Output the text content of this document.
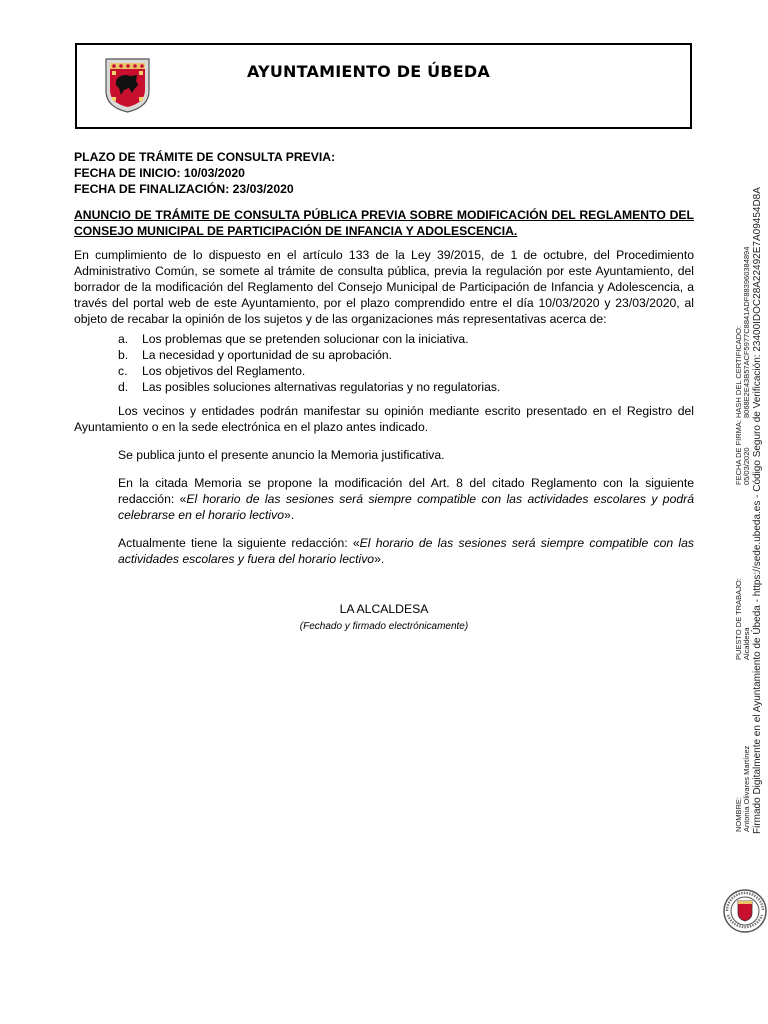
AYUNTAMIENTO DE ÚBEDA

PLAZO DE TRÁMITE DE CONSULTA PREVIA:

FECHA DE INICIO: 10/03/2020

FECHA DE FINALIZACIÓN: 23/03/2020

ANUNCIO DE TRÁMITE DE CONSULTA PÚBLICA PREVIA SOBRE MODIFICACIÓN DEL REGLAMENTO DEL CONSEJO MUNICIPAL DE PARTICIPACIÓN DE INFANCIA Y ADOLESCENCIA.

En cumplimiento de lo dispuesto en el artículo 133 de la Ley 39/2015, de 1 de octubre, del Procedimiento Administrativo Común, se somete al trámite de consulta pública, previa la regulación por este Ayuntamiento, del borrador de la modificación del Reglamento del Consejo Municipal de Participación de Infancia y Adolescencia, a través del portal web de este Ayuntamiento, por el plazo comprendido entre el día 10/03/2020 y 23/03/2020, al objeto de recabar la opinión de los sujetos y de las organizaciones más representativas acerca de:

a. Los problemas que se pretenden solucionar con la iniciativa.
b. La necesidad y oportunidad de su aprobación.
c. Los objetivos del Reglamento.
d. Las posibles soluciones alternativas regulatorias y no regulatorias.

Los vecinos y entidades podrán manifestar su opinión mediante escrito presentado en el Registro del Ayuntamiento o en la sede electrónica en el plazo antes indicado.

Se publica junto el presente anuncio la Memoria justificativa.

En la citada Memoria se propone la modificación del Art. 8 del citado Reglamento con la siguiente redacción: «El horario de las sesiones será siempre compatible con las actividades escolares y podrá celebrarse en el horario lectivo».

Actualmente tiene la siguiente redacción: «El horario de las sesiones será siempre compatible con las actividades escolares y fuera del horario lectivo».

LA ALCALDESA

(Fechado y firmado electrónicamente)

NOMBRE: Antonia Olivares Martínez
PUESTO DE TRABAJO: Alcaldesa
FECHA DE FIRMA: 05/03/2020
HASH DEL CERTIFICADO: 8068E2E43B57ACF5977C8841ADF883960384894 Firmado Digitalmente en el Ayuntamiento de Úbeda - https://sede.ubeda.es - Código Seguro de Verificación: 23400IDOC28A22492E7A09454D8A
